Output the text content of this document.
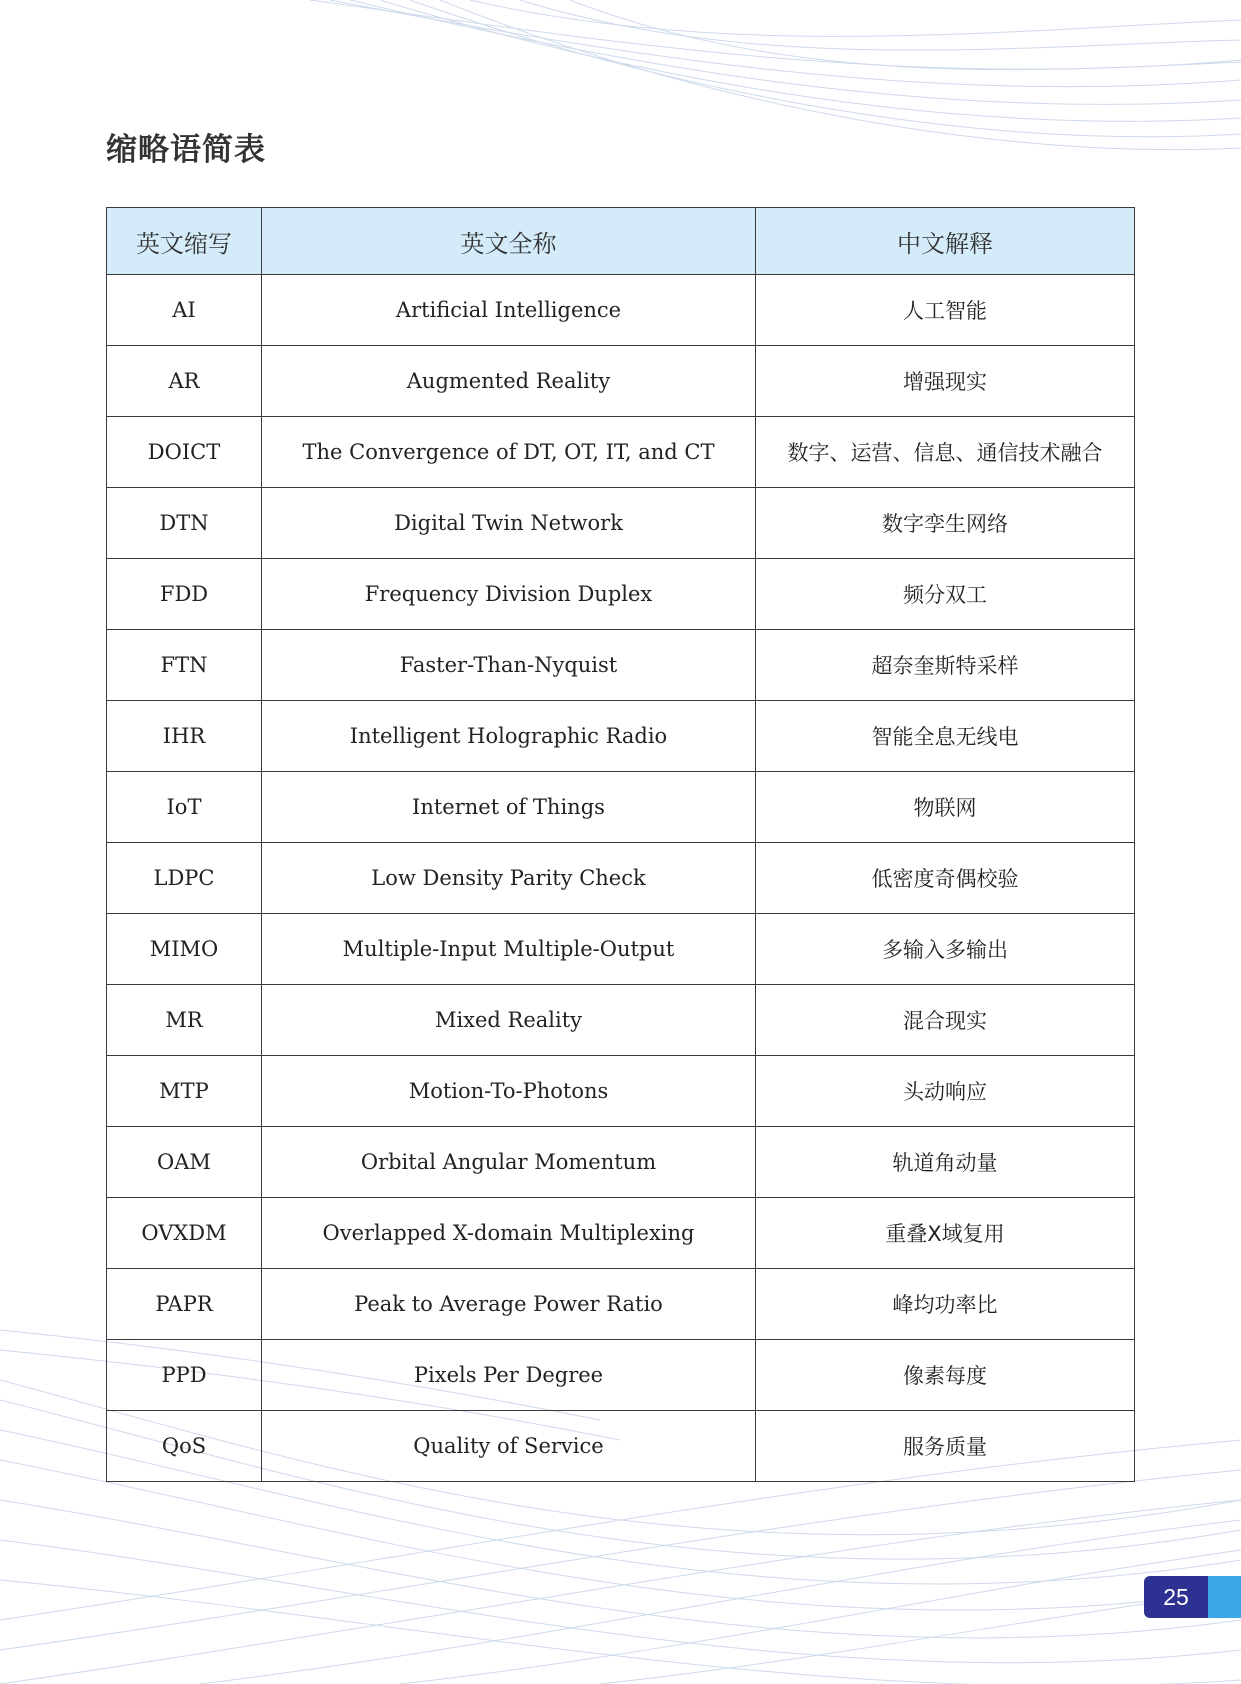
缩略语简表
英文缩写	英文全称	中文解释
AI	Artificial Intelligence	人工智能
AR	Augmented Reality	增强现实
DOICT	The Convergence of DT, OT, IT, and CT	数字、运营、信息、通信技术融合
DTN	Digital Twin Network	数字孪生网络
FDD	Frequency Division Duplex	频分双工
FTN	Faster-Than-Nyquist	超奈奎斯特采样
IHR	Intelligent Holographic Radio	智能全息无线电
IoT	Internet of Things	物联网
LDPC	Low Density Parity Check	低密度奇偶校验
MIMO	Multiple-Input Multiple-Output	多输入多输出
MR	Mixed Reality	混合现实
MTP	Motion-To-Photons	头动响应
OAM	Orbital Angular Momentum	轨道角动量
OVXDM	Overlapped X-domain Multiplexing	重叠X域复用
PAPR	Peak to Average Power Ratio	峰均功率比
PPD	Pixels Per Degree	像素每度
QoS	Quality of Service	服务质量
25
